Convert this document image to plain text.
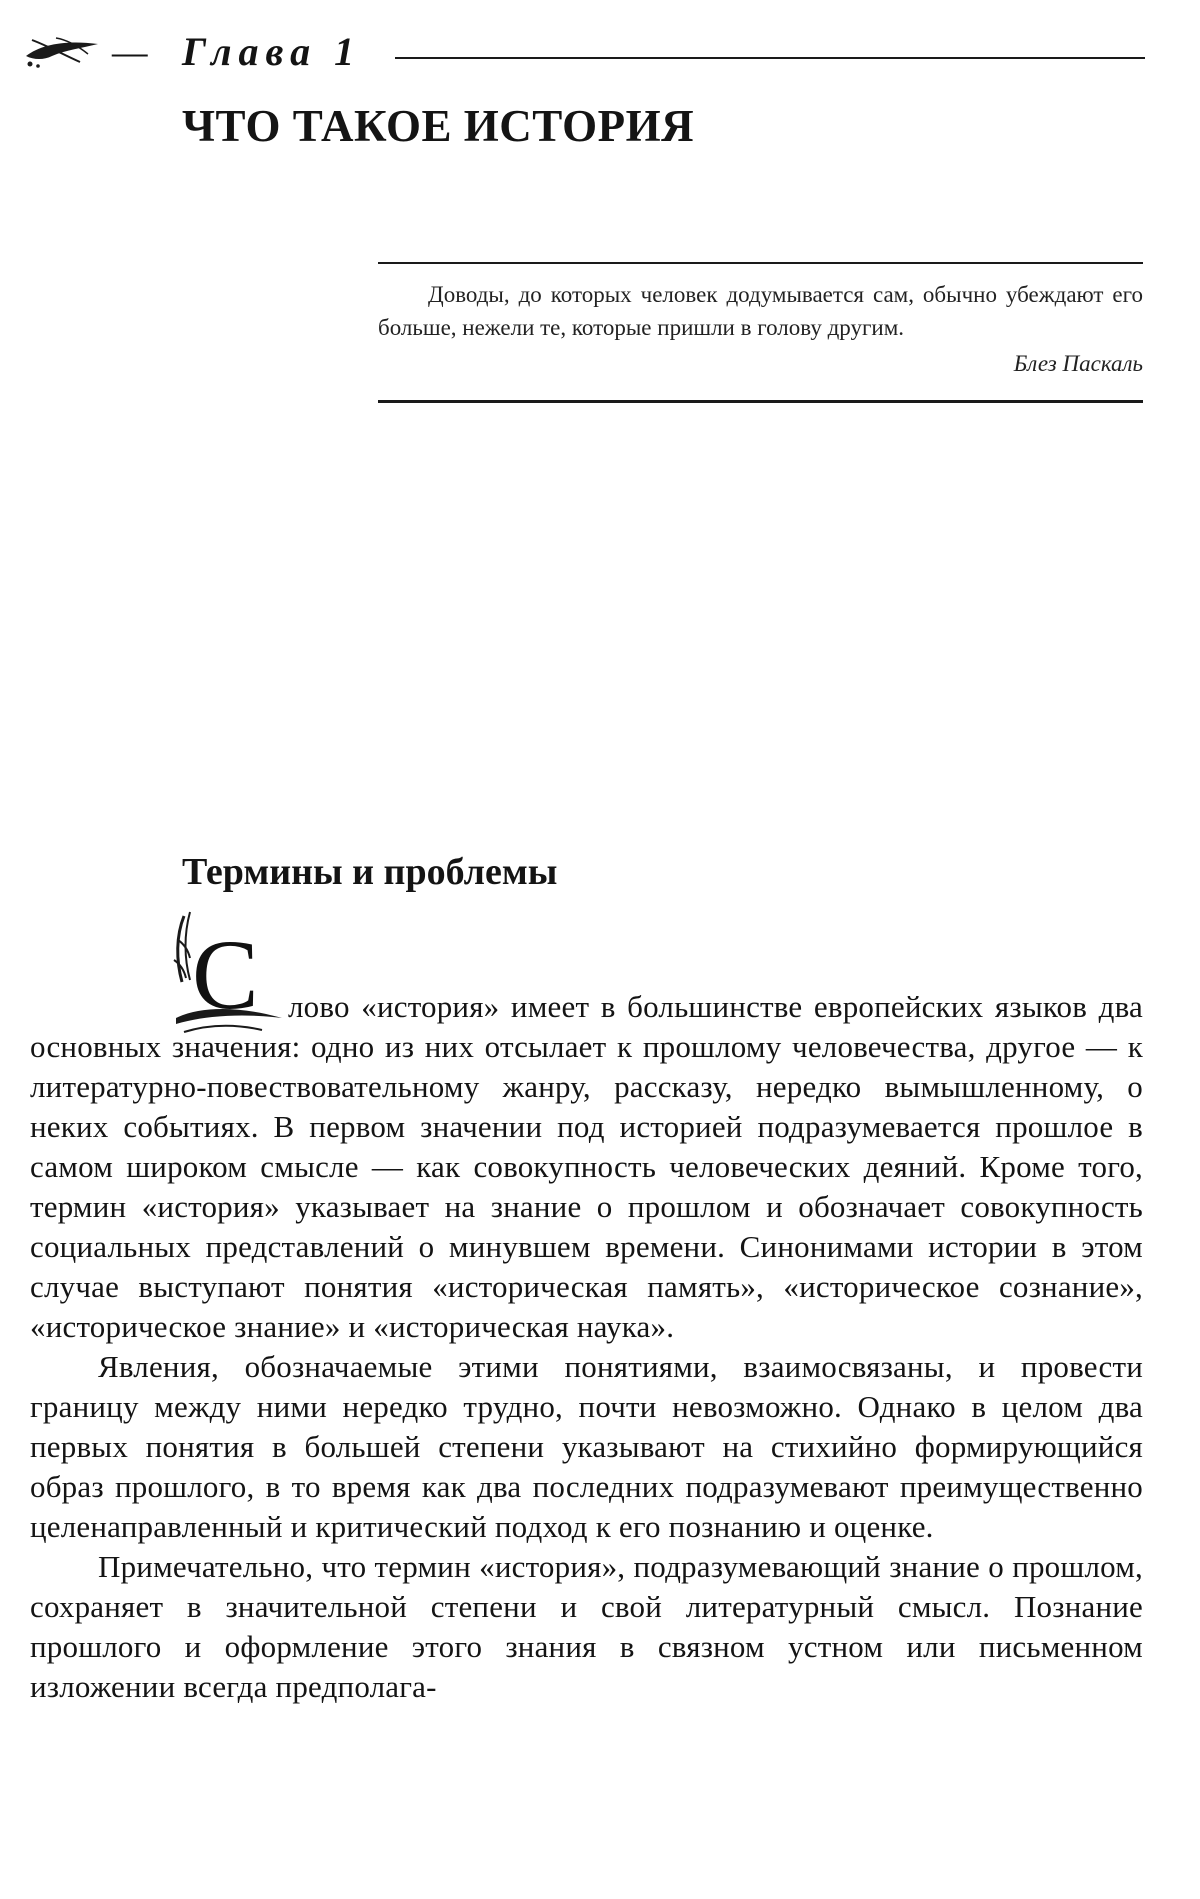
— Глава 1
ЧТО ТАКОЕ ИСТОРИЯ

Доводы, до которых человек додумывается сам, обычно убеждают его больше, нежели те, которые пришли в голову другим.

Блез Паскаль

Термины и проблемы
С лово «история» имеет в большинстве европейских языков два основных значения: одно из них отсылает к прошлому человечества, другое — к литературно-повествовательному жанру, рассказу, нередко вымышленному, о неких событиях. В первом значении под историей подразумевается прошлое в самом широком смысле — как совокупность человеческих деяний. Кроме того, термин «история» указывает на знание о прошлом и обозначает совокупность социальных представлений о минувшем времени. Синонимами истории в этом случае выступают понятия «историческая память», «историческое сознание», «историческое знание» и «историческая наука».

Явления, обозначаемые этими понятиями, взаимосвязаны, и провести границу между ними нередко трудно, почти невозможно. Однако в целом два первых понятия в большей степени указывают на стихийно формирующийся образ прошлого, в то время как два последних подразумевают преимущественно целенаправленный и критический подход к его познанию и оценке.

Примечательно, что термин «история», подразумевающий знание о прошлом, сохраняет в значительной степени и свой литературный смысл. Познание прошлого и оформление этого знания в связном устном или письменном изложении всегда предполага-
